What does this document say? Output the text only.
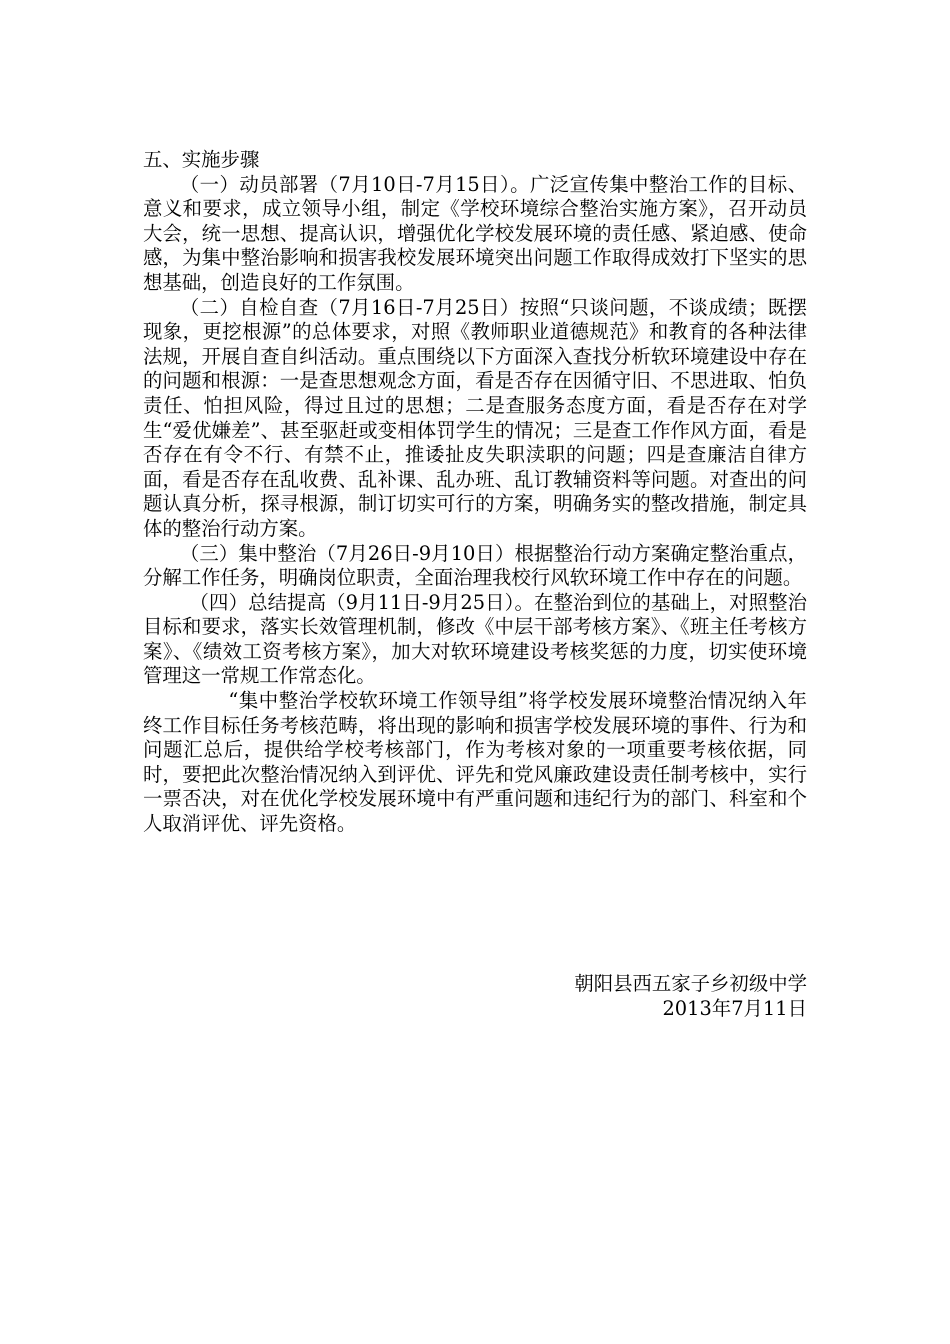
五、实施步骤

（一）动员部署（7月10日-7月15日）。广泛宣传集中整治工作的目标、意义和要求，成立领导小组，制定《学校环境综合整治实施方案》，召开动员大会，统一思想、提高认识，增强优化学校发展环境的责任感、紧迫感、使命感，为集中整治影响和损害我校发展环境突出问题工作取得成效打下坚实的思想基础，创造良好的工作氛围。

（二）自检自查（7月16日-7月25日）按照“只谈问题，不谈成绩；既摆现象，更挖根源”的总体要求，对照《教师职业道德规范》和教育的各种法律法规，开展自查自纠活动。重点围绕以下方面深入查找分析软环境建设中存在的问题和根源：一是查思想观念方面，看是否存在因循守旧、不思进取、怕负责任、怕担风险，得过且过的思想；二是查服务态度方面，看是否存在对学生“爱优嫌差”、甚至驱赶或变相体罚学生的情况；三是查工作作风方面，看是否存在有令不行、有禁不止，推诿扯皮失职渎职的问题；四是查廉洁自律方面，看是否存在乱收费、乱补课、乱办班、乱订教辅资料等问题。对查出的问题认真分析，探寻根源，制订切实可行的方案，明确务实的整改措施，制定具体的整治行动方案。

（三）集中整治（7月26日-9月10日）根据整治行动方案确定整治重点，分解工作任务，明确岗位职责，全面治理我校行风软环境工作中存在的问题。

（四）总结提高（9月11日-9月25日）。在整治到位的基础上，对照整治目标和要求，落实长效管理机制，修改《中层干部考核方案》、《班主任考核方案》、《绩效工资考核方案》，加大对软环境建设考核奖惩的力度，切实使环境管理这一常规工作常态化。

“集中整治学校软环境工作领导组”将学校发展环境整治情况纳入年终工作目标任务考核范畴，将出现的影响和损害学校发展环境的事件、行为和问题汇总后，提供给学校考核部门，作为考核对象的一项重要考核依据，同时，要把此次整治情况纳入到评优、评先和党风廉政建设责任制考核中，实行一票否决，对在优化学校发展环境中有严重问题和违纪行为的部门、科室和个人取消评优、评先资格。

朝阳县西五家子乡初级中学
2013年7月11日
